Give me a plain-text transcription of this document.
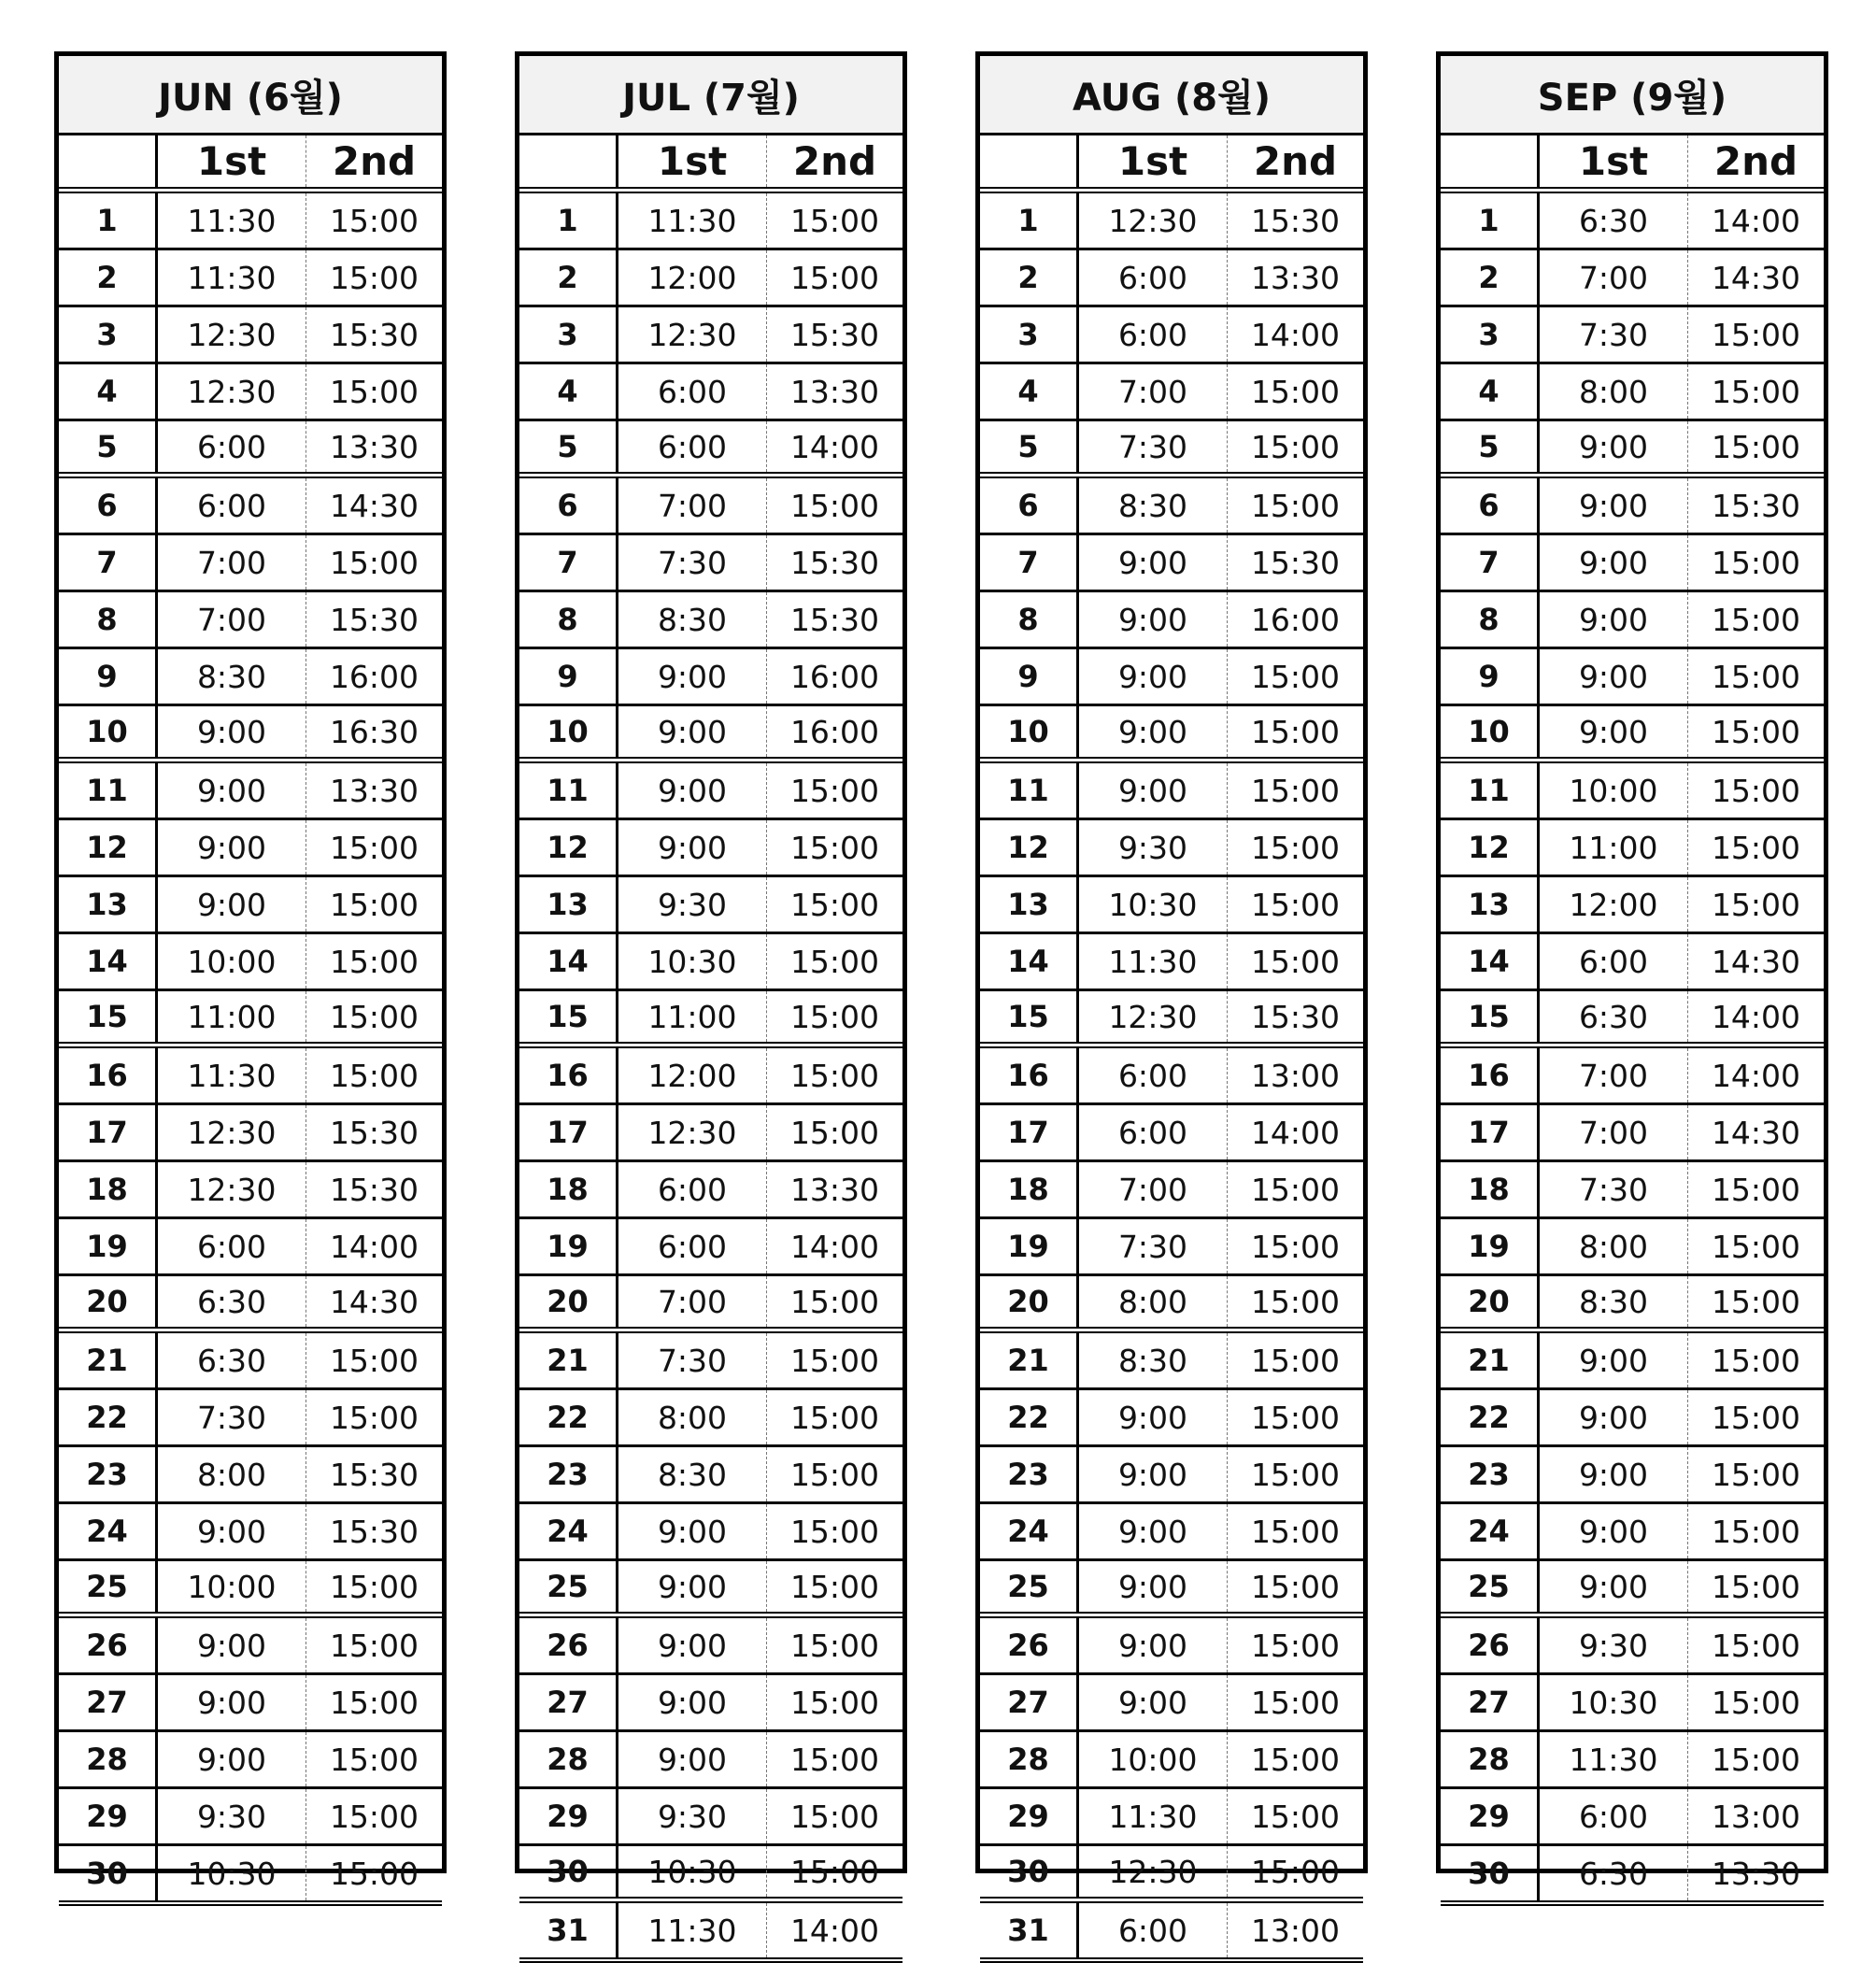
JUN (6월)
1st	2nd
1	11:30	15:00
2	11:30	15:00
3	12:30	15:30
4	12:30	15:00
5	6:00	13:30
6	6:00	14:30
7	7:00	15:00
8	7:00	15:30
9	8:30	16:00
10	9:00	16:30
11	9:00	13:30
12	9:00	15:00
13	9:00	15:00
14	10:00	15:00
15	11:00	15:00
16	11:30	15:00
17	12:30	15:30
18	12:30	15:30
19	6:00	14:00
20	6:30	14:30
21	6:30	15:00
22	7:30	15:00
23	8:00	15:30
24	9:00	15:30
25	10:00	15:00
26	9:00	15:00
27	9:00	15:00
28	9:00	15:00
29	9:30	15:00
30	10:30	15:00
JUL (7월)
1st	2nd
1	11:30	15:00
2	12:00	15:00
3	12:30	15:30
4	6:00	13:30
5	6:00	14:00
6	7:00	15:00
7	7:30	15:30
8	8:30	15:30
9	9:00	16:00
10	9:00	16:00
11	9:00	15:00
12	9:00	15:00
13	9:30	15:00
14	10:30	15:00
15	11:00	15:00
16	12:00	15:00
17	12:30	15:00
18	6:00	13:30
19	6:00	14:00
20	7:00	15:00
21	7:30	15:00
22	8:00	15:00
23	8:30	15:00
24	9:00	15:00
25	9:00	15:00
26	9:00	15:00
27	9:00	15:00
28	9:00	15:00
29	9:30	15:00
30	10:30	15:00
31	11:30	14:00
AUG (8월)
1st	2nd
1	12:30	15:30
2	6:00	13:30
3	6:00	14:00
4	7:00	15:00
5	7:30	15:00
6	8:30	15:00
7	9:00	15:30
8	9:00	16:00
9	9:00	15:00
10	9:00	15:00
11	9:00	15:00
12	9:30	15:00
13	10:30	15:00
14	11:30	15:00
15	12:30	15:30
16	6:00	13:00
17	6:00	14:00
18	7:00	15:00
19	7:30	15:00
20	8:00	15:00
21	8:30	15:00
22	9:00	15:00
23	9:00	15:00
24	9:00	15:00
25	9:00	15:00
26	9:00	15:00
27	9:00	15:00
28	10:00	15:00
29	11:30	15:00
30	12:30	15:00
31	6:00	13:00
SEP (9월)
1st	2nd
1	6:30	14:00
2	7:00	14:30
3	7:30	15:00
4	8:00	15:00
5	9:00	15:00
6	9:00	15:30
7	9:00	15:00
8	9:00	15:00
9	9:00	15:00
10	9:00	15:00
11	10:00	15:00
12	11:00	15:00
13	12:00	15:00
14	6:00	14:30
15	6:30	14:00
16	7:00	14:00
17	7:00	14:30
18	7:30	15:00
19	8:00	15:00
20	8:30	15:00
21	9:00	15:00
22	9:00	15:00
23	9:00	15:00
24	9:00	15:00
25	9:00	15:00
26	9:30	15:00
27	10:30	15:00
28	11:30	15:00
29	6:00	13:00
30	6:30	13:30
